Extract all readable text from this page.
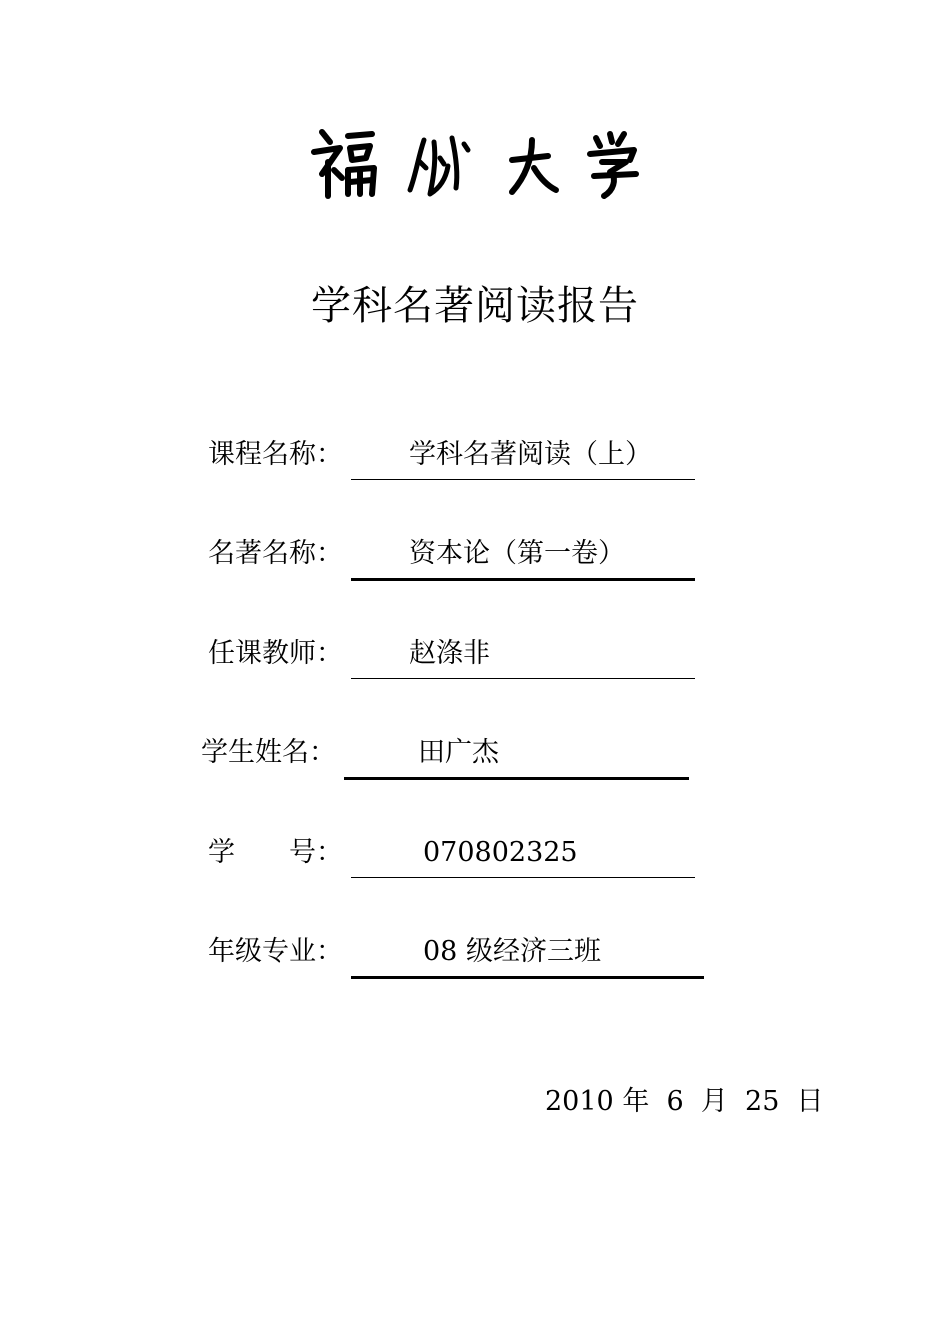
学科名著阅读报告
课程名称： 学科名著阅读（上）
名著名称： 资本论（第一卷）
任课教师： 赵涤非
学生姓名：	田广杰
学　　号：	070802325
年级专业：	08 级经济三班
2010 年 6 月 25 日
